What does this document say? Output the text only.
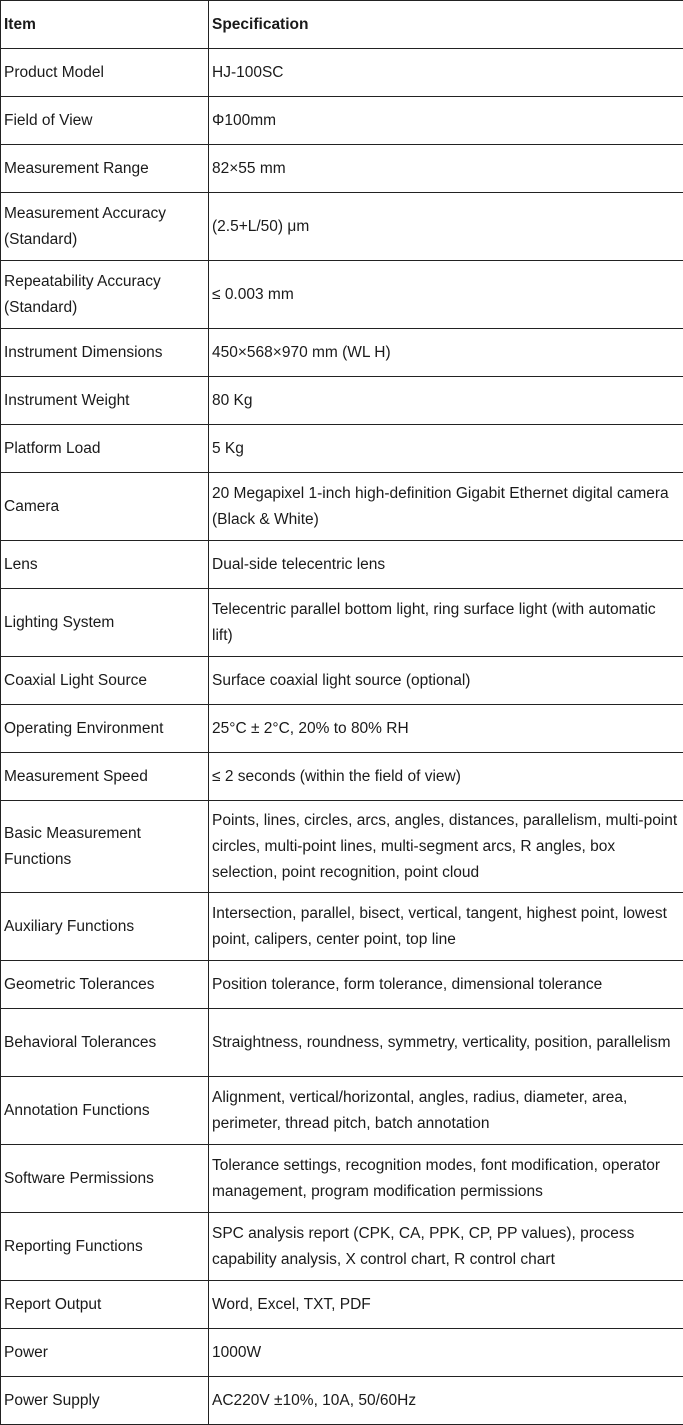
Item	Specification
Product Model	HJ-100SC
Field of View	Φ100mm
Measurement Range	82×55 mm
Measurement Accuracy (Standard)	(2.5+L/50) μm
Repeatability Accuracy (Standard)	≤ 0.003 mm
Instrument Dimensions	450×568×970 mm (WL H)
Instrument Weight	80 Kg
Platform Load	5 Kg
Camera	20 Megapixel 1-inch high-definition Gigabit Ethernet digital camera (Black & White)
Lens	Dual-side telecentric lens
Lighting System	Telecentric parallel bottom light, ring surface light (with automatic lift)
Coaxial Light Source	Surface coaxial light source (optional)
Operating Environment	25°C ± 2°C, 20% to 80% RH
Measurement Speed	≤ 2 seconds (within the field of view)
Basic Measurement Functions	Points, lines, circles, arcs, angles, distances, parallelism, multi-point circles, multi-point lines, multi-segment arcs, R angles, box selection, point recognition, point cloud
Auxiliary Functions	Intersection, parallel, bisect, vertical, tangent, highest point, lowest point, calipers, center point, top line
Geometric Tolerances	Position tolerance, form tolerance, dimensional tolerance
Behavioral Tolerances	Straightness, roundness, symmetry, verticality, position, parallelism
Annotation Functions	Alignment, vertical/horizontal, angles, radius, diameter, area, perimeter, thread pitch, batch annotation
Software Permissions	Tolerance settings, recognition modes, font modification, operator management, program modification permissions
Reporting Functions	SPC analysis report (CPK, CA, PPK, CP, PP values), process capability analysis, X control chart, R control chart
Report Output	Word, Excel, TXT, PDF
Power	1000W
Power Supply	AC220V ±10%, 10A, 50/60Hz
